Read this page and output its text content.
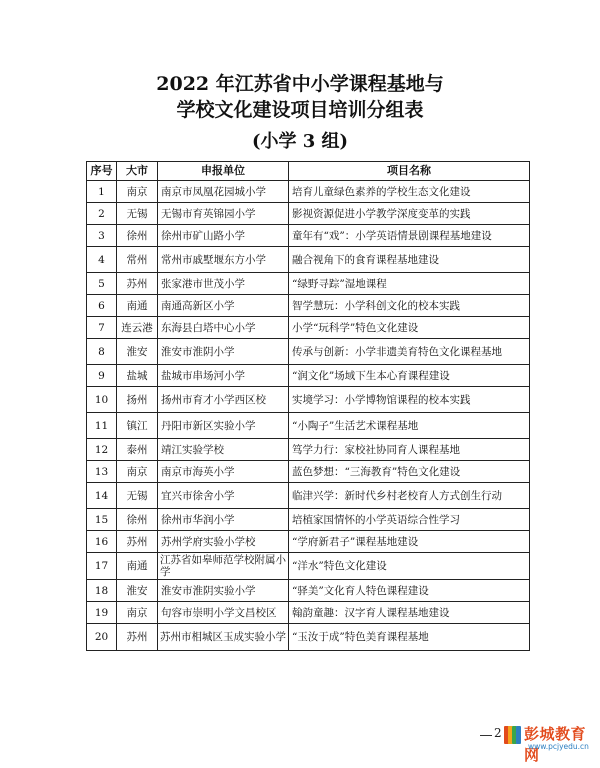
2022 年江苏省中小学课程基地与
学校文化建设项目培训分组表
(小学 3 组)
序号	大市	申报单位	项目名称
1	南京	南京市凤凰花园城小学	培育儿童绿色素养的学校生态文化建设
2	无锡	无锡市育英锦园小学	影视资源促进小学教学深度变革的实践
3	徐州	徐州市矿山路小学	童年有“戏”：小学英语情景剧课程基地建设
4	常州	常州市戚墅堰东方小学	融合视角下的食育课程基地建设
5	苏州	张家港市世茂小学	“绿野寻踪”湿地课程
6	南通	南通高新区小学	智学慧玩：小学科创文化的校本实践
7	连云港	东海县白塔中心小学	小学“玩科学”特色文化建设
8	淮安	淮安市淮阴小学	传承与创新：小学非遗美育特色文化课程基地
9	盐城	盐城市串场河小学	“润文化”场域下生本心育课程建设
10	扬州	扬州市育才小学西区校	实境学习：小学博物馆课程的校本实践
11	镇江	丹阳市新区实验小学	“小陶子”生活艺术课程基地
12	泰州	靖江实验学校	笃学力行：家校社协同育人课程基地
13	南京	南京市海英小学	蓝色梦想：“三海教育”特色文化建设
14	无锡	宜兴市徐舍小学	临津兴学：新时代乡村老校育人方式创生行动
15	徐州	徐州市华润小学	培植家国情怀的小学英语综合性学习
16	苏州	苏州学府实验小学校	“学府新君子”课程基地建设
17	南通	江苏省如皋师范学校附属小学	“洋水”特色文化建设
18	淮安	淮安市淮阴实验小学	“驿美”文化育人特色课程建设
19	南京	句容市崇明小学文昌校区	翰韵童趣：汉字育人课程基地建设
20	苏州	苏州市相城区玉成实验小学	“玉汝于成”特色美育课程基地
2 彭城教育网
www.pcjyedu.cn
